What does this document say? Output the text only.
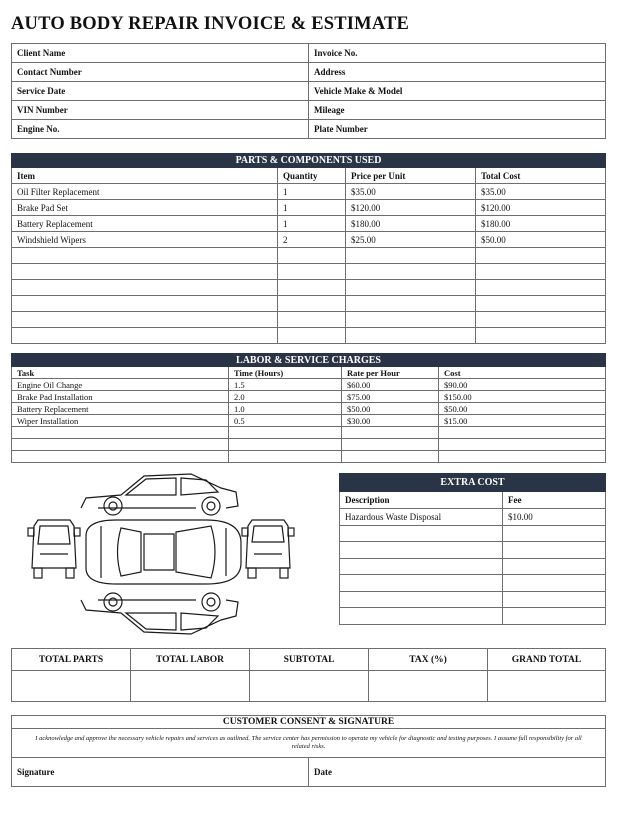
AUTO BODY REPAIR INVOICE & ESTIMATE
Client Name	Invoice No.
Contact Number	Address
Service Date	Vehicle Make & Model
VIN Number	Mileage
Engine No.	Plate Number
PARTS & COMPONENTS USED			
Item	Quantity	Price per Unit	Total Cost
Oil Filter Replacement	1	$35.00	$35.00
Brake Pad Set	1	$120.00	$120.00
Battery Replacement	1	$180.00	$180.00
Windshield Wipers	2	$25.00	$50.00

LABOR & SERVICE CHARGES			
Task	Time (Hours)	Rate per Hour	Cost
Engine Oil Change	1.5	$60.00	$90.00
Brake Pad Installation	2.0	$75.00	$150.00
Battery Replacement	1.0	$50.00	$50.00
Wiper Installation	0.5	$30.00	$15.00

EXTRA COST	
Description	Fee
Hazardous Waste Disposal	$10.00

TOTAL PARTS	TOTAL LABOR	SUBTOTAL	TAX (%)	GRAND TOTAL

CUSTOMER CONSENT & SIGNATURE
I acknowledge and approve the necessary vehicle repairs and services as outlined. The service center has permission to operate my vehicle for diagnostic and testing purposes. I assume full responsibility for all related risks.
Signature	Date
